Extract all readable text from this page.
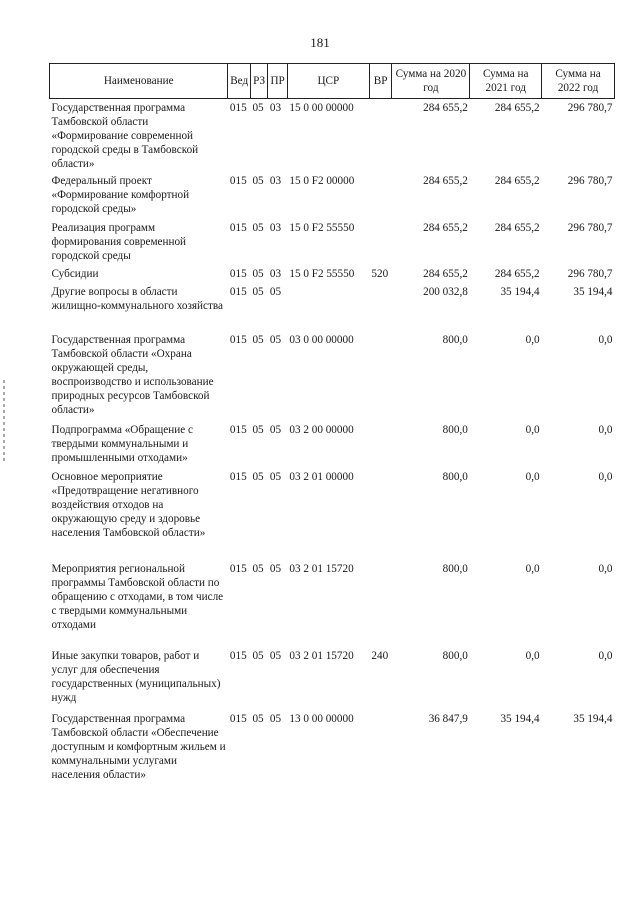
181
Наименование	Вед	РЗ	ПР	ЦСР	ВР	Сумма на 2020 год	Сумма на 2021 год	Сумма на 2022 год
Государственная программа Тамбовской области «Формирование современной городской среды в Тамбовской области»	015	05	03	15 0 00 00000		284 655,2	284 655,2	296 780,7
Федеральный проект «Формирование комфортной городской среды»	015	05	03	15 0 F2 00000		284 655,2	284 655,2	296 780,7
Реализация программ формирования современной городской среды	015	05	03	15 0 F2 55550		284 655,2	284 655,2	296 780,7
Субсидии	015	05	03	15 0 F2 55550	520	284 655,2	284 655,2	296 780,7
Другие вопросы в области жилищно-коммунального хозяйства	015	05	05			200 032,8	35 194,4	35 194,4
Государственная программа Тамбовской области «Охрана окружающей среды, воспроизводство и использование природных ресурсов Тамбовской области»	015	05	05	03 0 00 00000		800,0	0,0	0,0
Подпрограмма «Обращение с твердыми коммунальными и промышленными отходами»	015	05	05	03 2 00 00000		800,0	0,0	0,0
Основное мероприятие «Предотвращение негативного воздействия отходов на окружающую среду и здоровье населения Тамбовской области»	015	05	05	03 2 01 00000		800,0	0,0	0,0
Мероприятия региональной программы Тамбовской области по обращению с отходами, в том числе с твердыми коммунальными отходами	015	05	05	03 2 01 15720		800,0	0,0	0,0
Иные закупки товаров, работ и услуг для обеспечения государственных (муниципальных) нужд	015	05	05	03 2 01 15720	240	800,0	0,0	0,0
Государственная программа Тамбовской области «Обеспечение доступным и комфортным жильем и коммунальными услугами населения области»	015	05	05	13 0 00 00000		36 847,9	35 194,4	35 194,4
